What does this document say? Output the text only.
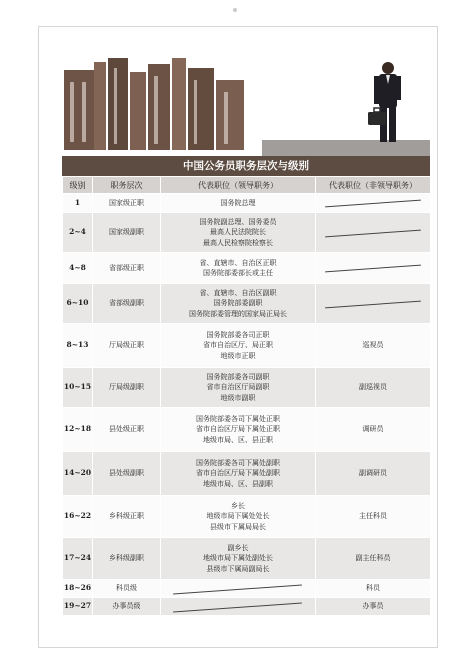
中国公务员职务层次与级别
级别	职务层次	代表职位（领导职务）	代表职位（非领导职务）
1	国家级正职	国务院总理	

2~4	国家级副职	国务院副总理、国务委员
最高人民法院院长
最高人民检察院检察长	

4~8	省部级正职	省、直辖市、自治区正职
国务院部委部长或主任	

6~10	省部级副职	省、直辖市、自治区副职
国务院部委副职
国务院部委管理的国家局正局长	

8~13	厅局级正职	国务院部委各司正职
省市自治区厅、局正职
地级市正职	巡视员
10~15	厅局级副职	国务院部委各司副职
省市自治区厅局副职
地级市副职	副巡视员
12~18	县处级正职	国务院部委各司下属处正职
省市自治区厅局下属处正职
地级市局、区、县正职	调研员
14~20	县处级副职	国务院部委各司下属处副职
省市自治区厅局下属处副职
地级市局、区、县副职	副调研员
16~22	乡科级正职	乡长
地级市局下属处处长
县级市下属局局长	主任科员
17~24	乡科级副职	副乡长
地级市局下属处副处长
县级市下属局副局长	副主任科员
18~26	科员级		科员
19~27	办事员级		办事员
